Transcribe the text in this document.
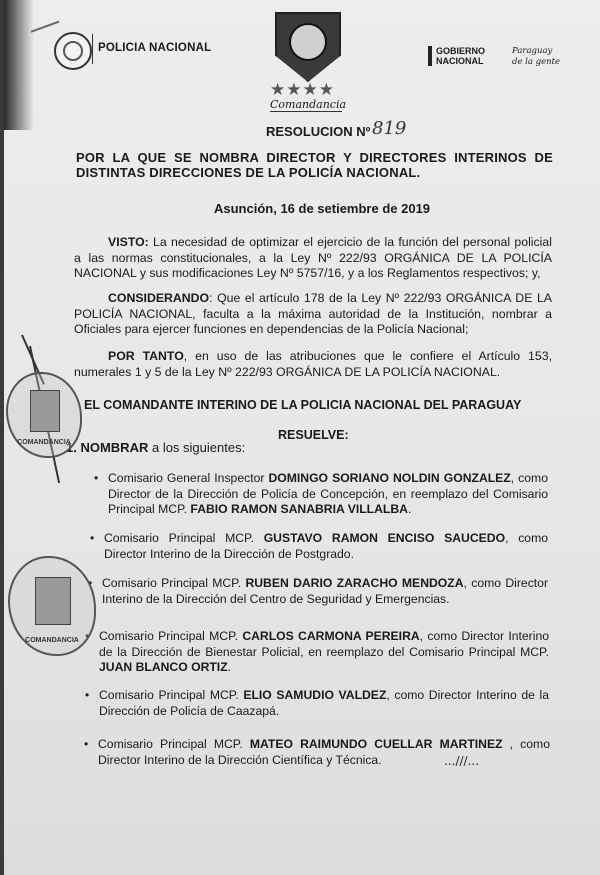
POLICIA NACIONAL
★★★★
Comandancia
GOBIERNO NACIONAL
Paraguay de la gente
RESOLUCION Nº 819
POR LA QUE SE NOMBRA DIRECTOR Y DIRECTORES INTERINOS DE DISTINTAS DIRECCIONES DE LA POLICÍA NACIONAL.
Asunción, 16 de setiembre de 2019
VISTO: La necesidad de optimizar el ejercicio de la función del personal policial a las normas constitucionales, a la Ley Nº 222/93 ORGÁNICA DE LA POLICÍA NACIONAL y sus modificaciones Ley Nº 5757/16, y a los Reglamentos respectivos; y,
CONSIDERANDO: Que el artículo 178 de la Ley Nº 222/93 ORGÁNICA DE LA POLICÍA NACIONAL, faculta a la máxima autoridad de la Institución, nombrar a Oficiales para ejercer funciones en dependencias de la Policía Nacional;
POR TANTO, en uso de las atribuciones que le confiere el Artículo 153, numerales 1 y 5 de la Ley Nº 222/93 ORGÁNICA DE LA POLICÍA NACIONAL.
EL COMANDANTE INTERINO DE LA POLICIA NACIONAL DEL PARAGUAY
RESUELVE:
1. NOMBRAR a los siguientes:
• Comisario General Inspector DOMINGO SORIANO NOLDIN GONZALEZ, como Director de la Dirección de Policía de Concepción, en reemplazo del Comisario Principal MCP. FABIO RAMON SANABRIA VILLALBA.
• Comisario Principal MCP. GUSTAVO RAMON ENCISO SAUCEDO, como Director Interino de la Dirección de Postgrado.
• Comisario Principal MCP. RUBEN DARIO ZARACHO MENDOZA, como Director Interino de la Dirección del Centro de Seguridad y Emergencias.
• Comisario Principal MCP. CARLOS CARMONA PEREIRA, como Director Interino de la Dirección de Bienestar Policial, en reemplazo del Comisario Principal MCP. JUAN BLANCO ORTIZ.
• Comisario Principal MCP. ELIO SAMUDIO VALDEZ, como Director Interino de la Dirección de Policía de Caazapá.
• Comisario Principal MCP. MATEO RAIMUNDO CUELLAR MARTINEZ , como Director Interino de la Dirección Científica y Técnica.	...///...
COMANDANCIA
COMANDANCIA
